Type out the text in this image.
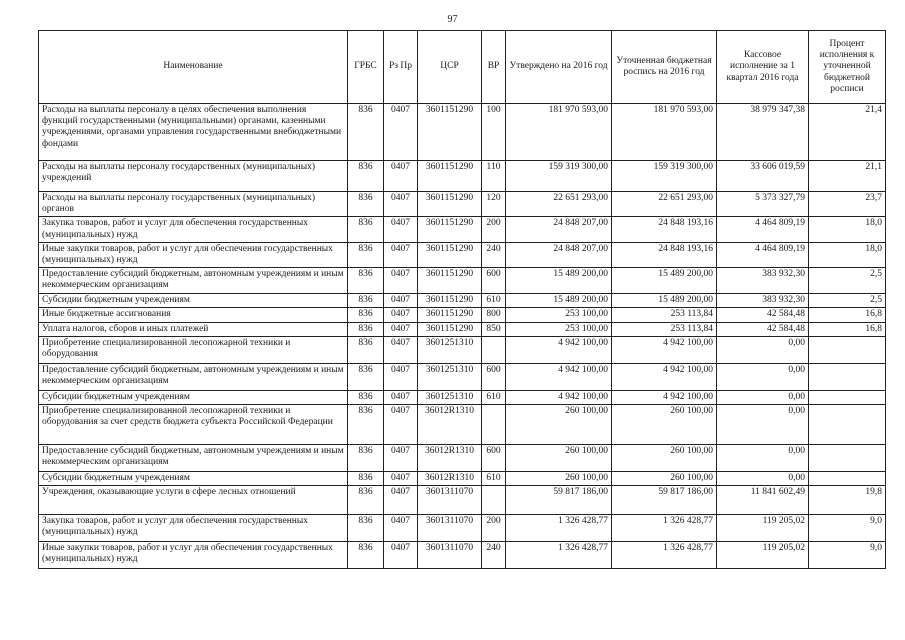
97
Наименование	ГРБС	Рз Пр	ЦСР	ВР	Утверждено на 2016 год	Уточненная бюджетная роспись на 2016 год	Кассовое исполнение за 1 квартал 2016 года	Процент исполнения к уточненной бюджетной росписи
Расходы на выплаты персоналу в целях обеспечения выполнения функций государственными (муниципальными) органами, казенными учреждениями, органами управления государственными внебюджетными фондами	836	0407	3601151290	100	181 970 593,00	181 970 593,00	38 979 347,38	21,4
Расходы на выплаты персоналу государственных (муниципальных) учреждений	836	0407	3601151290	110	159 319 300,00	159 319 300,00	33 606 019,59	21,1
Расходы на выплаты персоналу государственных (муниципальных) органов	836	0407	3601151290	120	22 651 293,00	22 651 293,00	5 373 327,79	23,7
Закупка товаров, работ и услуг для обеспечения государственных (муниципальных) нужд	836	0407	3601151290	200	24 848 207,00	24 848 193,16	4 464 809,19	18,0
Иные закупки товаров, работ и услуг для обеспечения государственных (муниципальных) нужд	836	0407	3601151290	240	24 848 207,00	24 848 193,16	4 464 809,19	18,0
Предоставление субсидий бюджетным, автономным учреждениям и иным некоммерческим организациям	836	0407	3601151290	600	15 489 200,00	15 489 200,00	383 932,30	2,5
Субсидии бюджетным учреждениям	836	0407	3601151290	610	15 489 200,00	15 489 200,00	383 932,30	2,5
Иные бюджетные ассигнования	836	0407	3601151290	800	253 100,00	253 113,84	42 584,48	16,8
Уплата налогов, сборов и иных платежей	836	0407	3601151290	850	253 100,00	253 113,84	42 584,48	16,8
Приобретение специализированной лесопожарной техники и оборудования	836	0407	3601251310		4 942 100,00	4 942 100,00	0,00	
Предоставление субсидий бюджетным, автономным учреждениям и иным некоммерческим организациям	836	0407	3601251310	600	4 942 100,00	4 942 100,00	0,00	
Субсидии бюджетным учреждениям	836	0407	3601251310	610	4 942 100,00	4 942 100,00	0,00	
Приобретение специализированной лесопожарной техники и оборудования за счет средств бюджета субъекта Российской Федерации	836	0407	36012R1310		260 100,00	260 100,00	0,00	
Предоставление субсидий бюджетным, автономным учреждениям и иным некоммерческим организациям	836	0407	36012R1310	600	260 100,00	260 100,00	0,00	
Субсидии бюджетным учреждениям	836	0407	36012R1310	610	260 100,00	260 100,00	0,00	
Учреждения, оказывающие услуги в сфере лесных отношений	836	0407	3601311070		59 817 186,00	59 817 186,00	11 841 602,49	19,8
Закупка товаров, работ и услуг для обеспечения государственных (муниципальных) нужд	836	0407	3601311070	200	1 326 428,77	1 326 428,77	119 205,02	9,0
Иные закупки товаров, работ и услуг для обеспечения государственных (муниципальных) нужд	836	0407	3601311070	240	1 326 428,77	1 326 428,77	119 205,02	9,0
